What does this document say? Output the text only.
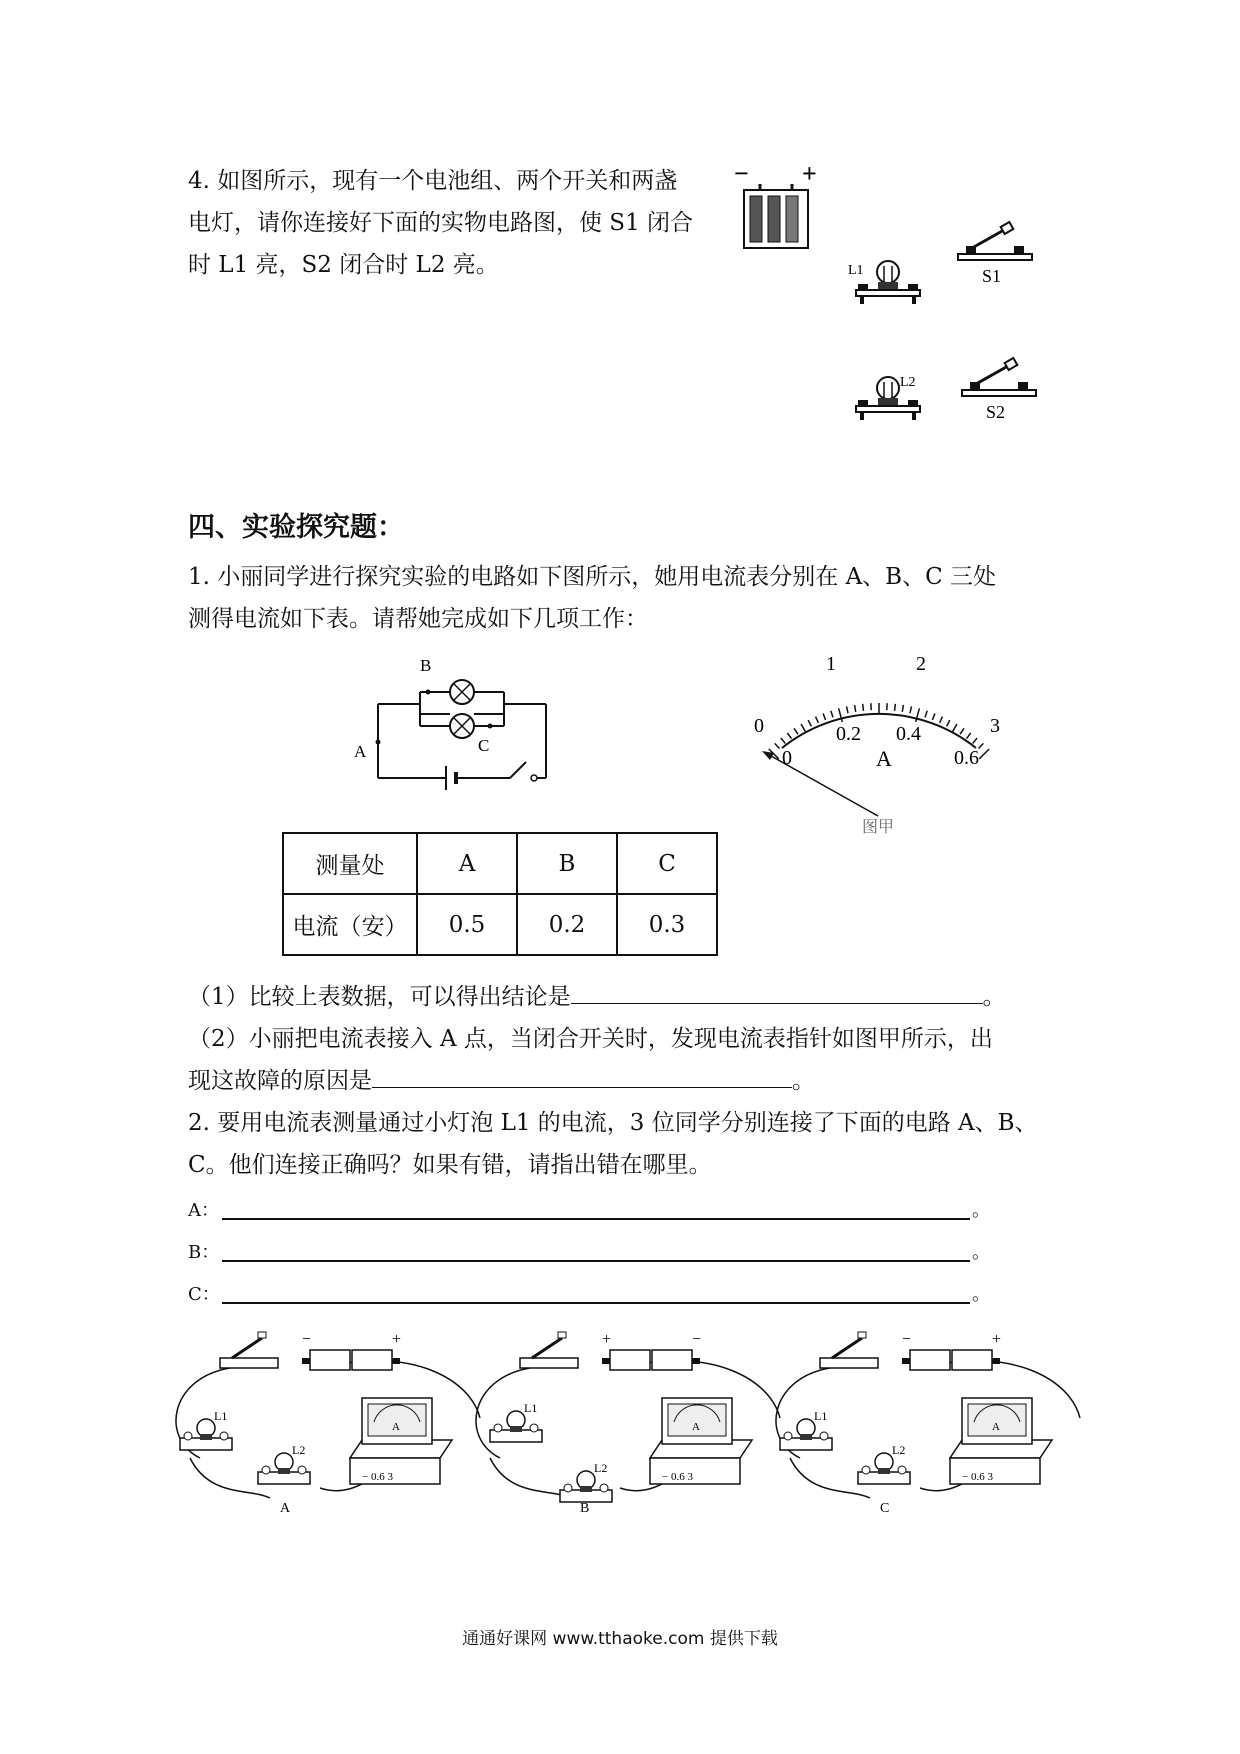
4. 如图所示，现有一个电池组、两个开关和两盏
电灯，请你连接好下面的实物电路图，使 S1 闭合
时 L1 亮，S2 闭合时 L2 亮。
− +
L1	S1
L2
S2
四、实验探究题：
1. 小丽同学进行探究实验的电路如下图所示，她用电流表分别在 A、B、C 三处
测得电流如下表。请帮她完成如下几项工作：
A
B
C
0
1	2
3
0
0.2 0.4
0.6
A
图甲
测量处	A	B	C
电流（安）	0.5	0.2	0.3
（1）比较上表数据，可以得出结论是	。
（2）小丽把电流表接入 A 点，当闭合开关时，发现电流表指针如图甲所示，出
现这故障的原因是	。
2. 要用电流表测量通过小灯泡 L1 的电流，3 位同学分别连接了下面的电路 A、B、
C。他们连接正确吗？如果有错，请指出错在哪里。
A：	。
B：	。
C：	。
−	+
L1
L2
A
− 0.6 3
A
+	−
L1
L2
A
− 0.6 3
B
−	+
L1
L2
A
− 0.6 3
C
通通好课网 www.tthaoke.com 提供下载
